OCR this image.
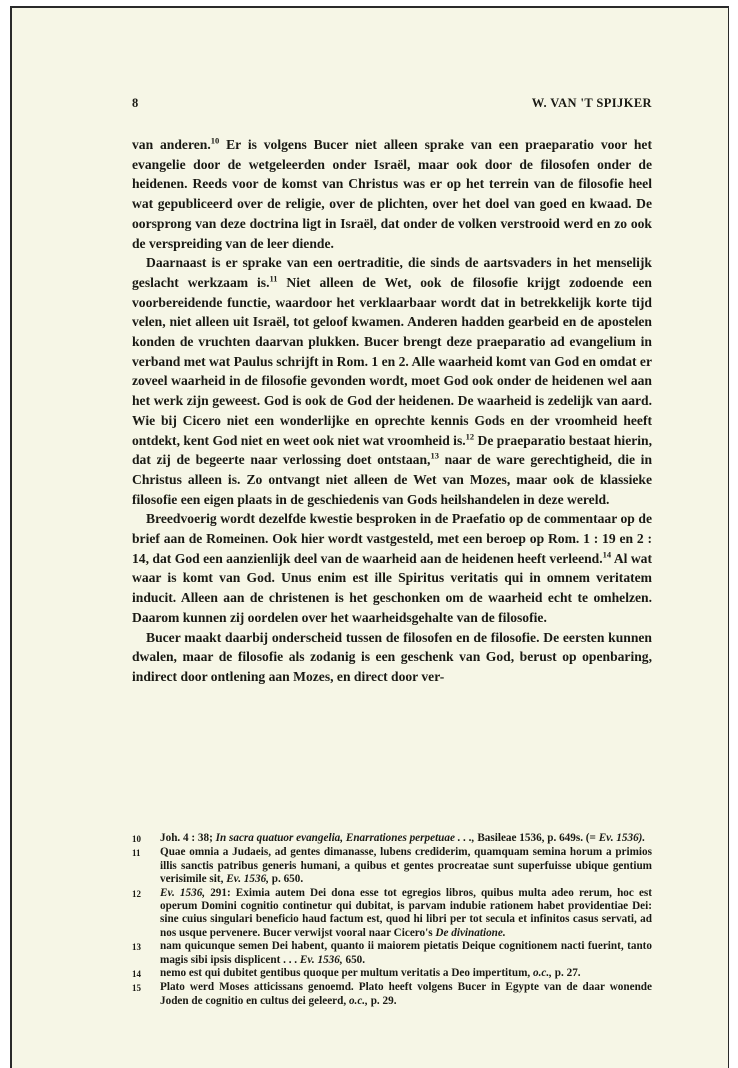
8	W. VAN 'T SPIJKER

van anderen.$^{10}$ Er is volgens Bucer niet alleen sprake van een praeparatio voor het evangelie door de wetgeleerden onder Israël, maar ook door de filosofen onder de heidenen. Reeds voor de komst van Christus was er op het terrein van de filosofie heel wat gepubliceerd over de religie, over de plichten, over het doel van goed en kwaad. De oorsprong van deze doctrina ligt in Israël, dat onder de volken verstrooid werd en zo ook de verspreiding van de leer diende.

Daarnaast is er sprake van een oertraditie, die sinds de aartsvaders in het menselijk geslacht werkzaam is.$^{11}$ Niet alleen de Wet, ook de filosofie krijgt zodoende een voorbereidende functie, waardoor het verklaarbaar wordt dat in betrekkelijk korte tijd velen, niet alleen uit Israël, tot geloof kwamen. Anderen hadden gearbeid en de apostelen konden de vruchten daarvan plukken. Bucer brengt deze praeparatio ad evangelium in verband met wat Paulus schrijft in Rom. 1 en 2. Alle waarheid komt van God en omdat er zoveel waarheid in de filosofie gevonden wordt, moet God ook onder de heidenen wel aan het werk zijn geweest. God is ook de God der heidenen. De waarheid is zedelijk van aard. Wie bij Cicero niet een wonderlijke en oprechte kennis Gods en der vroomheid heeft ontdekt, kent God niet en weet ook niet wat vroomheid is.$^{12}$ De praeparatio bestaat hierin, dat zij de begeerte naar verlossing doet ontstaan,$^{13}$ naar de ware gerechtigheid, die in Christus alleen is. Zo ontvangt niet alleen de Wet van Mozes, maar ook de klassieke filosofie een eigen plaats in de geschiedenis van Gods heilshandelen in deze wereld.

Breedvoerig wordt dezelfde kwestie besproken in de Praefatio op de commentaar op de brief aan de Romeinen. Ook hier wordt vastgesteld, met een beroep op Rom. 1 : 19 en 2 : 14, dat God een aanzienlijk deel van de waarheid aan de heidenen heeft verleend.$^{14}$ Al wat waar is komt van God. Unus enim est ille Spiritus veritatis qui in omnem veritatem inducit. Alleen aan de christenen is het geschonken om de waarheid echt te omhelzen. Daarom kunnen zij oordelen over het waarheidsgehalte van de filosofie.

Bucer maakt daarbij onderscheid tussen de filosofen en de filosofie. De eersten kunnen dwalen, maar de filosofie als zodanig is een geschenk van God, berust op openbaring, indirect door ontlening aan Mozes, en direct door ver-

10	Joh. 4 : 38; In sacra quatuor evangelia, Enarrationes perpetuae . . ., Basileae 1536, p. 649s. (= Ev. 1536).
11	Quae omnia a Judaeis, ad gentes dimanasse, lubens crediderim, quamquam semina horum a primios illis sanctis patribus generis humani, a quibus et gentes procreatae sunt superfuisse ubique gentium verisimile sit, Ev. 1536, p. 650.
12	Ev. 1536, 291: Eximia autem Dei dona esse tot egregios libros, quibus multa adeo rerum, hoc est operum Domini cognitio continetur qui dubitat, is parvam indubie rationem habet providentiae Dei: sine cuius singulari beneficio haud factum est, quod hi libri per tot secula et infinitos casus servati, ad nos usque pervenere. Bucer verwijst vooral naar Cicero's De divinatione.
13	nam quicunque semen Dei habent, quanto ii maiorem pietatis Deique cognitionem nacti fuerint, tanto magis sibi ipsis displicent . . . Ev. 1536, 650.
14	nemo est qui dubitet gentibus quoque per multum veritatis a Deo impertitum, o.c., p. 27.
15	Plato werd Moses atticissans genoemd. Plato heeft volgens Bucer in Egypte van de daar wonende Joden de cognitio en cultus dei geleerd, o.c., p. 29.
